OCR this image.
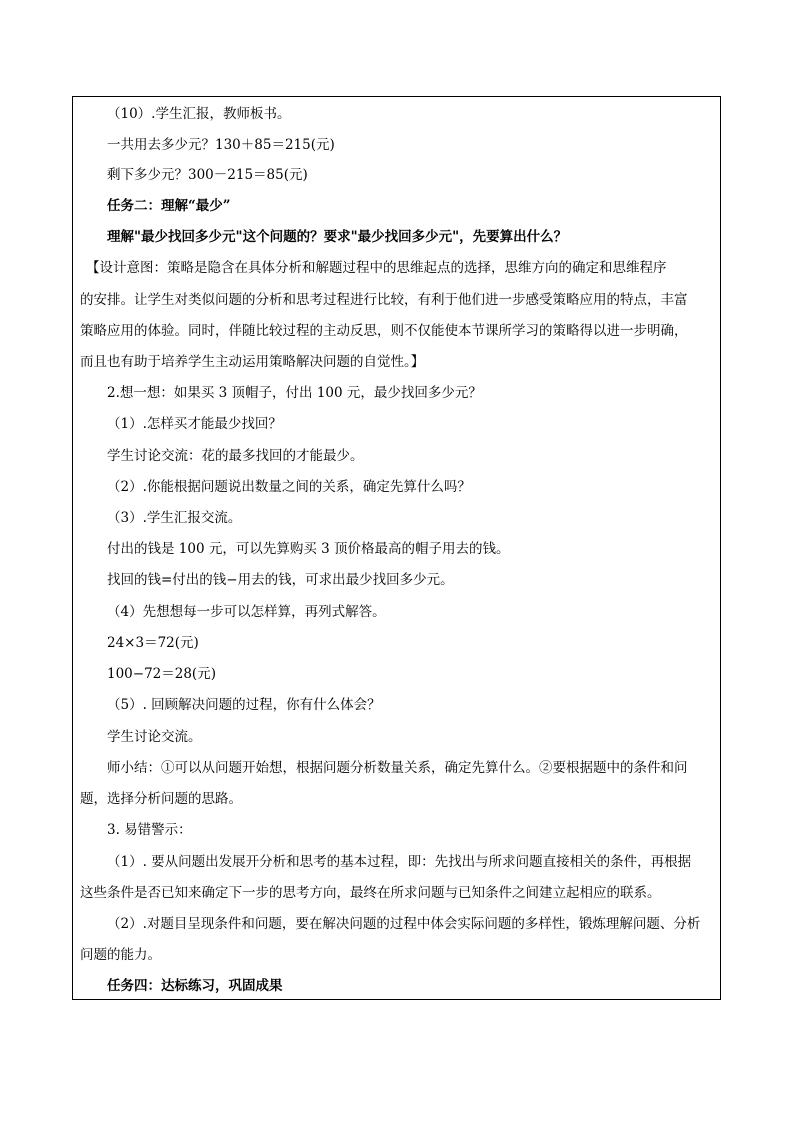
（10）.学生汇报，教师板书。
一共用去多少元？130＋85＝215(元)
剩下多少元？300－215＝85(元)
任务二：理解“最少”
理解"最少找回多少元"这个问题的？要求"最少找回多少元"，先要算出什么？
【设计意图：策略是隐含在具体分析和解题过程中的思维起点的选择，思维方向的确定和思维程序
的安排。让学生对类似问题的分析和思考过程进行比较，有利于他们进一步感受策略应用的特点，丰富
策略应用的体验。同时，伴随比较过程的主动反思，则不仅能使本节课所学习的策略得以进一步明确，
而且也有助于培养学生主动运用策略解决问题的自觉性。】
2.想一想：如果买 3 顶帽子，付出 100 元，最少找回多少元？
（1）.怎样买才能最少找回？
学生讨论交流：花的最多找回的才能最少。
（2）.你能根据问题说出数量之间的关系，确定先算什么吗？
（3）.学生汇报交流。
付出的钱是 100 元，可以先算购买 3 顶价格最高的帽子用去的钱。
找回的钱=付出的钱−用去的钱，可求出最少找回多少元。
（4）先想想每一步可以怎样算，再列式解答。
24×3＝72(元)
100−72＝28(元)
（5）. 回顾解决问题的过程，你有什么体会？
学生讨论交流。
师小结：①可以从问题开始想，根据问题分析数量关系，确定先算什么。②要根据题中的条件和问
题，选择分析问题的思路。
3. 易错警示：
（1）. 要从问题出发展开分析和思考的基本过程，即：先找出与所求问题直接相关的条件，再根据
这些条件是否已知来确定下一步的思考方向，最终在所求问题与已知条件之间建立起相应的联系。
（2）.对题目呈现条件和问题，要在解决问题的过程中体会实际问题的多样性，锻炼理解问题、分析
问题的能力。
任务四：达标练习，巩固成果
